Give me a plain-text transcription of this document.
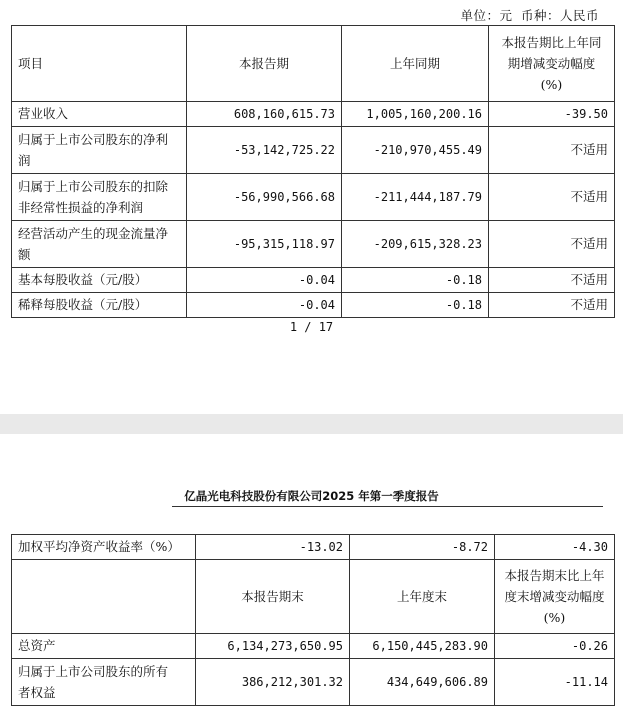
单位：元 币种：人民币
项目	本报告期	上年同期	本报告期比上年同
期增减变动幅度
(%)

营业收入	608,160,615.73	1,005,160,200.16	-39.50

归属于上市公司股东的净利
润	-53,142,725.22	-210,970,455.49	不适用

归属于上市公司股东的扣除
非经常性损益的净利润	-56,990,566.68	-211,444,187.79	不适用

经营活动产生的现金流量净
额	-95,315,118.97	-209,615,328.23	不适用
基本每股收益（元/股）	-0.04	-0.18	不适用
稀释每股收益（元/股）	-0.04	-0.18	不适用
1 / 17
亿晶光电科技股份有限公司2025 年第一季度报告
加权平均净资产收益率（%）	-13.02	-8.72	-4.30
	本报告期末	上年度末	本报告期末比上年
度末增减变动幅度
(%)

总资产	6,134,273,650.95	6,150,445,283.90	-0.26

归属于上市公司股东的所有
者权益	386,212,301.32	434,649,606.89	-11.14
